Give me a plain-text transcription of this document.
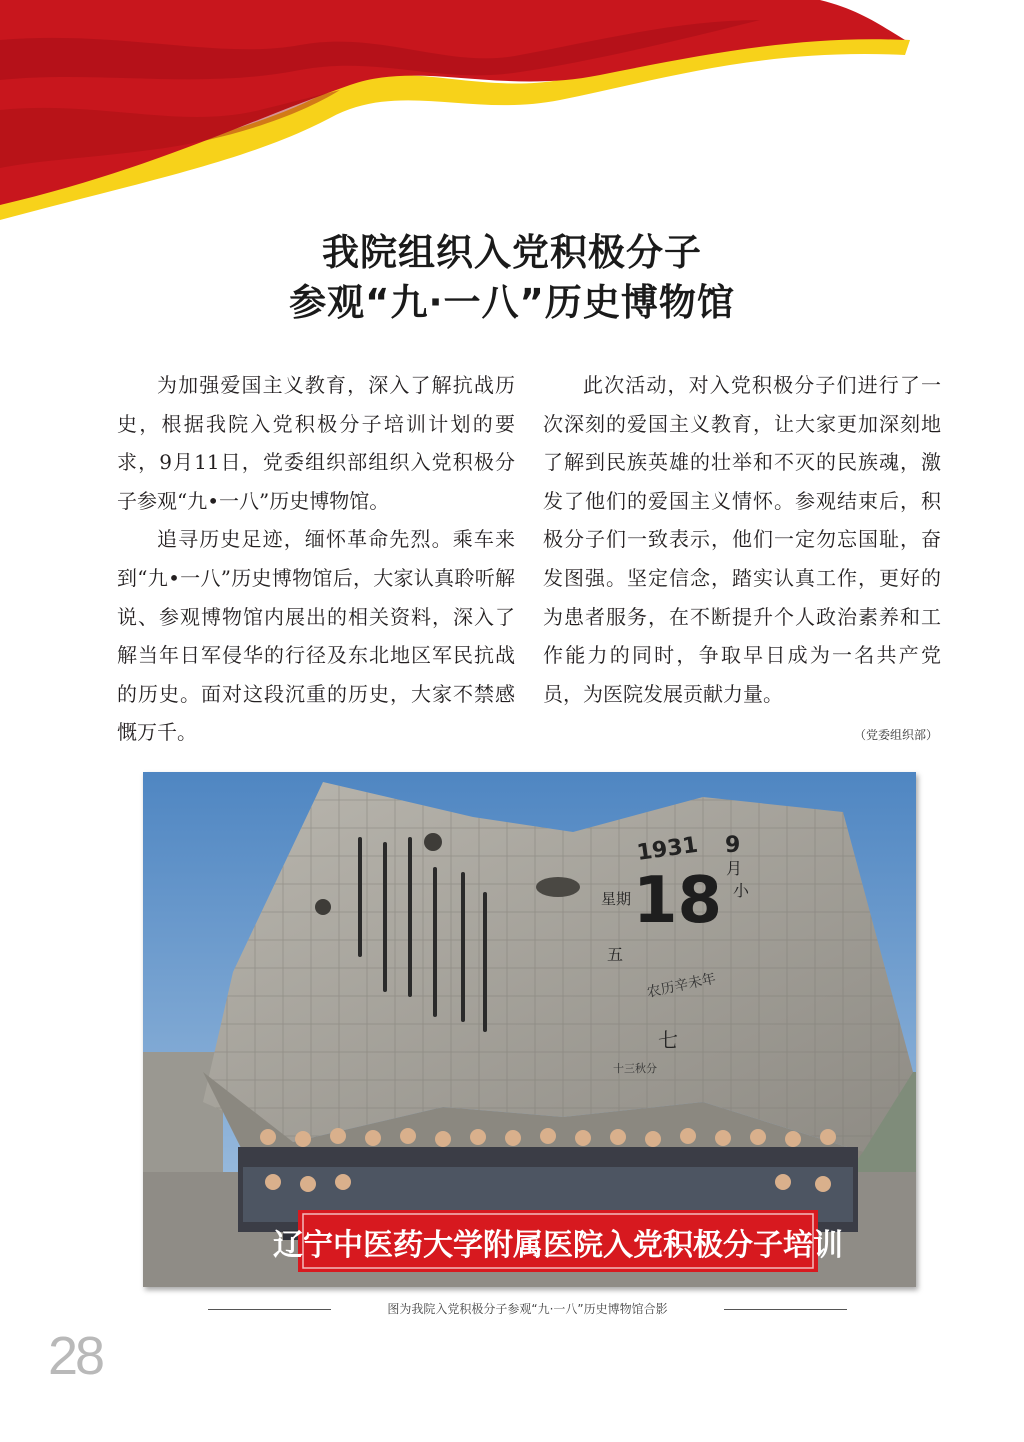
我院组织入党积极分子
参观“九·一八”历史博物馆

为加强爱国主义教育，深入了解抗战历史，根据我院入党积极分子培训计划的要求，9月11日，党委组织部组织入党积极分子参观“九•一八”历史博物馆。

追寻历史足迹，缅怀革命先烈。乘车来到“九•一八”历史博物馆后，大家认真聆听解说、参观博物馆内展出的相关资料，深入了解当年日军侵华的行径及东北地区军民抗战的历史。面对这段沉重的历史，大家不禁感慨万千。

此次活动，对入党积极分子们进行了一次深刻的爱国主义教育，让大家更加深刻地了解到民族英雄的壮举和不灭的民族魂，激发了他们的爱国主义情怀。参观结束后，积极分子们一致表示，他们一定勿忘国耻，奋发图强。坚定信念，踏实认真工作，更好的为患者服务，在不断提升个人政治素养和工作能力的同时，争取早日成为一名共产党员，为医院发展贡献力量。

（党委组织部）
1931
18
9
月
小
星期
五
农历辛未年
七
十三秋分
辽宁中医药大学附属医院入党积极分子培训
图为我院入党积极分子参观“九·一八”历史博物馆合影
28
